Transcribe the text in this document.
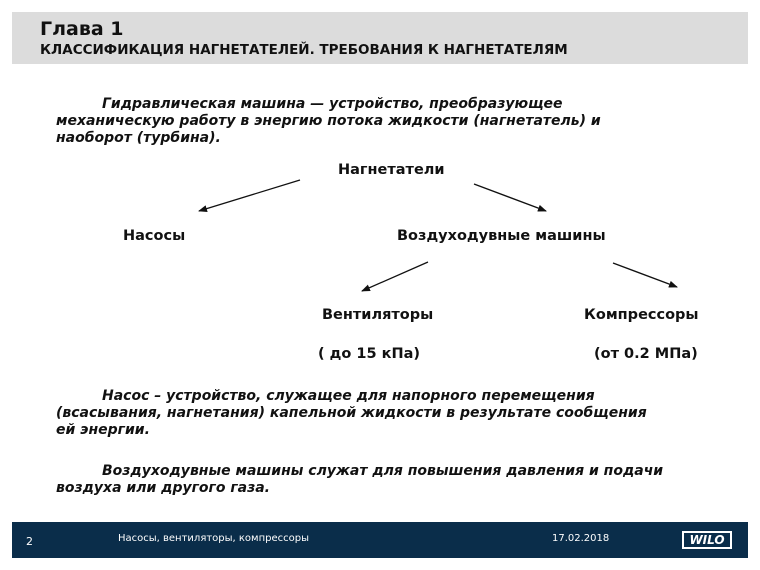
Глава 1
КЛАССИФИКАЦИЯ НАГНЕТАТЕЛЕЙ. ТРЕБОВАНИЯ К НАГНЕТАТЕЛЯМ

Гидравлическая машина — устройство, преобразующее
механическую работу в энергию потока жидкости (нагнетатель) и
наоборот (турбина).

Нагнетатели
Насосы	Воздуходувные машины
Вентиляторы	Компрессоры
( до 15 кПа)	(от 0.2 МПа)

Насос – устройство, служащее для напорного перемещения
(всасывания, нагнетания) капельной жидкости в результате сообщения
ей энергии.

Воздуходувные машины служат для повышения давления и подачи
воздуха или другого газа.

2	Насосы, вентиляторы, компрессоры	17.02.2018	WILO
